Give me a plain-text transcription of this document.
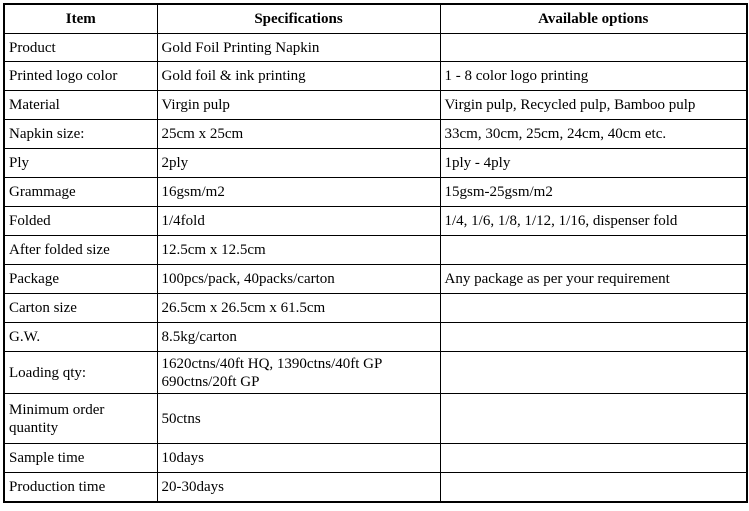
Item	Specifications	Available options
Product	Gold Foil Printing Napkin	

Printed logo color	Gold foil & ink printing	1 - 8 color logo printing
Material	Virgin pulp	Virgin pulp, Recycled pulp, Bamboo pulp
Napkin size:	25cm x 25cm	33cm, 30cm, 25cm, 24cm, 40cm etc.
Ply	2ply	1ply - 4ply
Grammage	16gsm/m2	15gsm-25gsm/m2
Folded	1/4fold	1/4, 1/6, 1/8, 1/12, 1/16, dispenser fold
After folded size	12.5cm x 12.5cm	

Package	100pcs/pack, 40packs/carton	Any package as per your requirement
Carton size	26.5cm x 26.5cm x 61.5cm	

G.W.	8.5kg/carton	

Loading qty:	1620ctns/40ft HQ, 1390ctns/40ft GP
690ctns/20ft GP	

Minimum order quantity	50ctns	

Sample time	10days	

Production time	20-30days	
